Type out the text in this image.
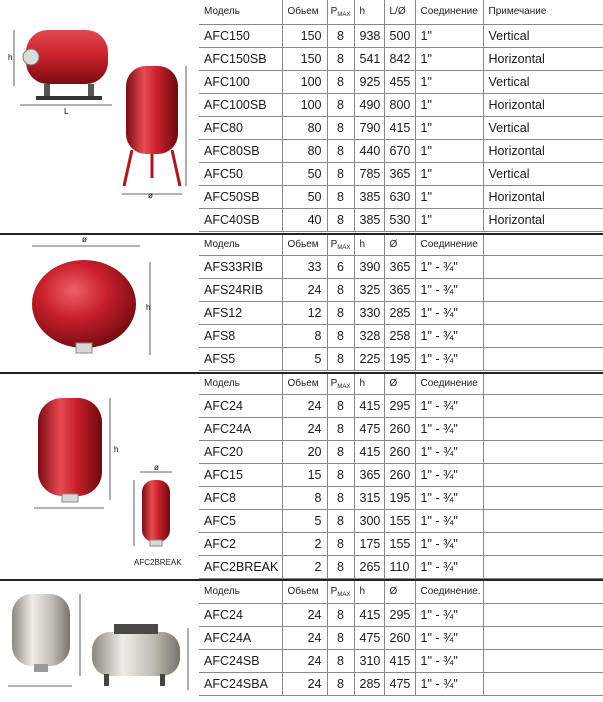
h
L
ø
ø
h
h
ø
Модель	Обьем	$P_{MAX}$	h	L/Ø	Соединение	Примечание
AFC150	150	8	938	500	1"	Vertical
AFC150SB	150	8	541	842	1"	Horizontal
AFC100	100	8	925	455	1"	Vertical
AFC100SB	100	8	490	800	1"	Horizontal
AFC80	80	8	790	415	1"	Vertical
AFC80SB	80	8	440	670	1"	Horizontal
AFC50	50	8	785	365	1"	Vertical
AFC50SB	50	8	385	630	1"	Horizontal
AFC40SB	40	8	385	530	1"	Horizontal
Модель	Обьем	$P_{MAX}$	h	Ø	Соединение	
AFS33RIB	33	6	390	365	1" - ¾"	
AFS24RIB	24	8	325	365	1" - ¾"	
AFS12	12	8	330	285	1" - ¾"	
AFS8	8	8	328	258	1" - ¾"	
AFS5	5	8	225	195	1" - ¾"	
Модель	Обьем	$P_{MAX}$	h	Ø	Соединение	
AFC24	24	8	415	295	1" - ¾"	
AFC24A	24	8	475	260	1" - ¾"	
AFC20	20	8	415	260	1" - ¾"	
AFC15	15	8	365	260	1" - ¾"	
AFC8	8	8	315	195	1" - ¾"	
AFC5	5	8	300	155	1" - ¾"	
AFC2	2	8	175	155	1" - ¾"	
AFC2BREAK	2	8	265	110	1" - ¾"	
AFC2BREAK
Модель	Обьем	$P_{MAX}$	h	Ø	Соединение.	
AFC24	24	8	415	295	1" - ¾"	
AFC24A	24	8	475	260	1" - ¾"	
AFC24SB	24	8	310	415	1" - ¾"	
AFC24SBA	24	8	285	475	1" - ¾"	
